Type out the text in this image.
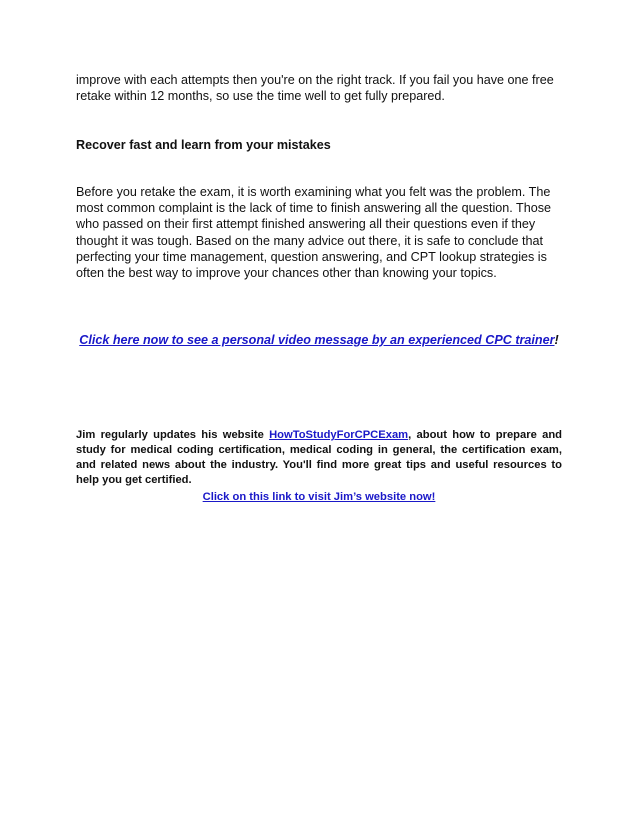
improve with each attempts then you're on the right track. If you fail you have one free retake within 12 months, so use the time well to get fully prepared.

Recover fast and learn from your mistakes

Before you retake the exam, it is worth examining what you felt was the problem. The most common complaint is the lack of time to finish answering all the question. Those who passed on their first attempt finished answering all their questions even if they thought it was tough. Based on the many advice out there, it is safe to conclude that perfecting your time management, question answering, and CPT lookup strategies is often the best way to improve your chances other than knowing your topics.

Click here now to see a personal video message by an experienced CPC trainer!

Jim regularly updates his website HowToStudyForCPCExam, about how to prepare and study for medical coding certification, medical coding in general, the certification exam, and related news about the industry. You'll find more great tips and useful resources to help you get certified.

Click on this link to visit Jim’s website now!
